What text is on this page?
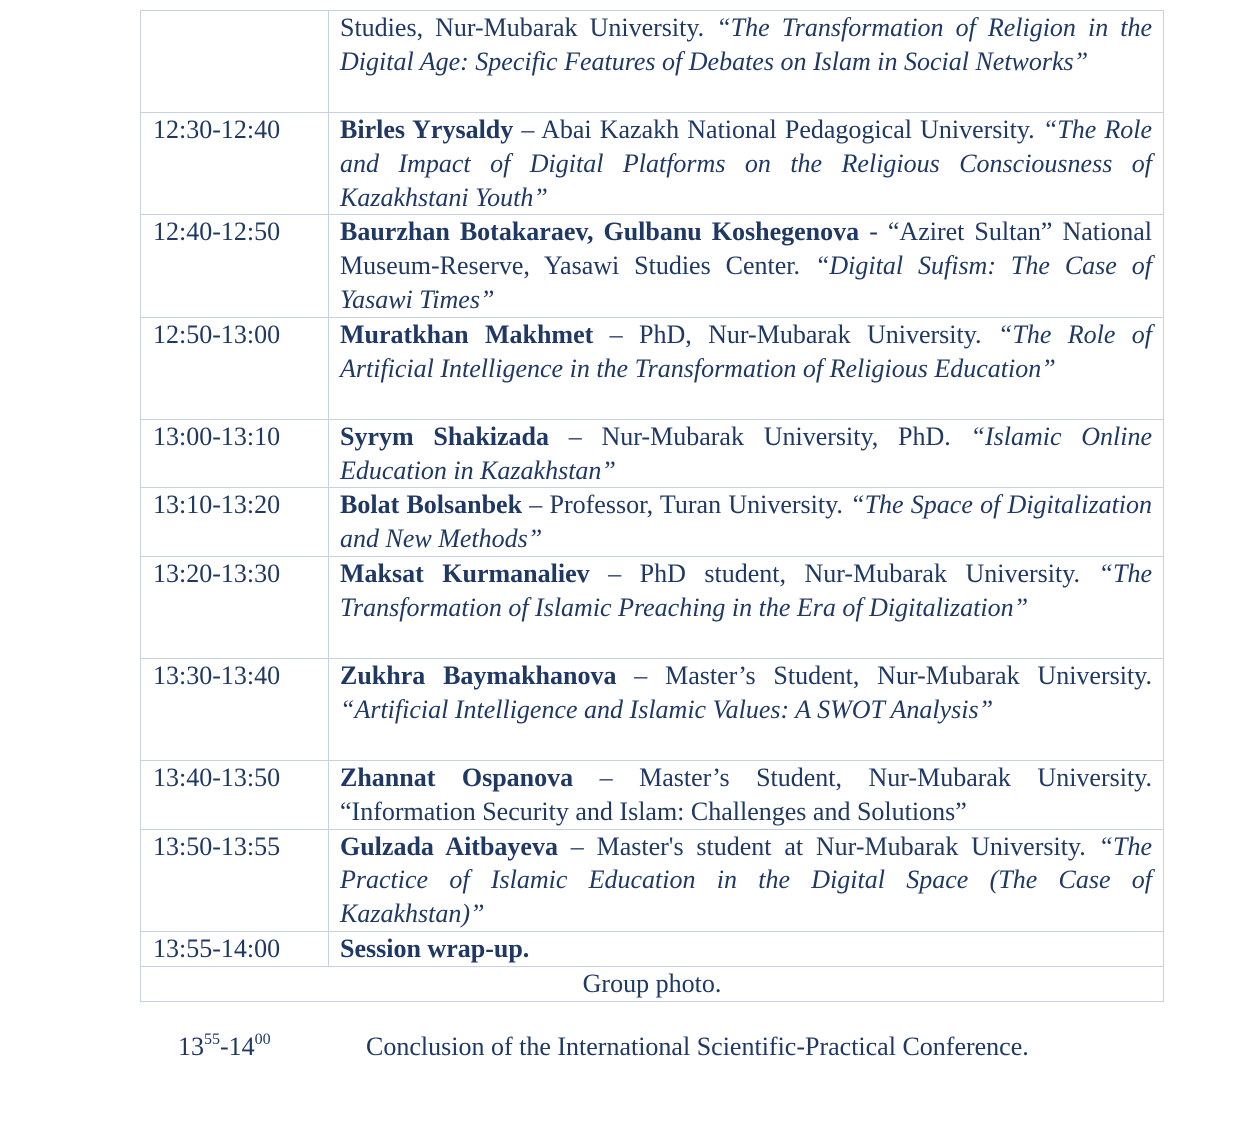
	Studies, Nur-Mubarak University. “The Transformation of Religion in the Digital Age: Specific Features of Debates on Islam in Social Networks”
12:30-12:40	Birles Yrysaldy – Abai Kazakh National Pedagogical University. “The Role and Impact of Digital Platforms on the Religious Consciousness of Kazakhstani Youth”
12:40-12:50	Baurzhan Botakaraev, Gulbanu Koshegenova - “Aziret Sultan” National Museum-Reserve, Yasawi Studies Center. “Digital Sufism: The Case of Yasawi Times”
12:50-13:00	Muratkhan Makhmet – PhD, Nur-Mubarak University. “The Role of Artificial Intelligence in the Transformation of Religious Education”
13:00-13:10	Syrym Shakizada – Nur-Mubarak University, PhD. “Islamic Online Education in Kazakhstan”
13:10-13:20	Bolat Bolsanbek – Professor, Turan University. “The Space of Digitalization and New Methods”
13:20-13:30	Maksat Kurmanaliev – PhD student, Nur-Mubarak University. “The Transformation of Islamic Preaching in the Era of Digitalization”
13:30-13:40	Zukhra Baymakhanova – Master’s Student, Nur-Mubarak University. “Artificial Intelligence and Islamic Values: A SWOT Analysis”
13:40-13:50	Zhannat Ospanova – Master’s Student, Nur-Mubarak University. “Information Security and Islam: Challenges and Solutions”
13:50-13:55	Gulzada Aitbayeva – Master's student at Nur-Mubarak University. “The Practice of Islamic Education in the Digital Space (The Case of Kazakhstan)”
13:55-14:00	Session wrap-up.
Group photo.	
$13^{55}-14^{00}$	Conclusion of the International Scientific-Practical Conference.
